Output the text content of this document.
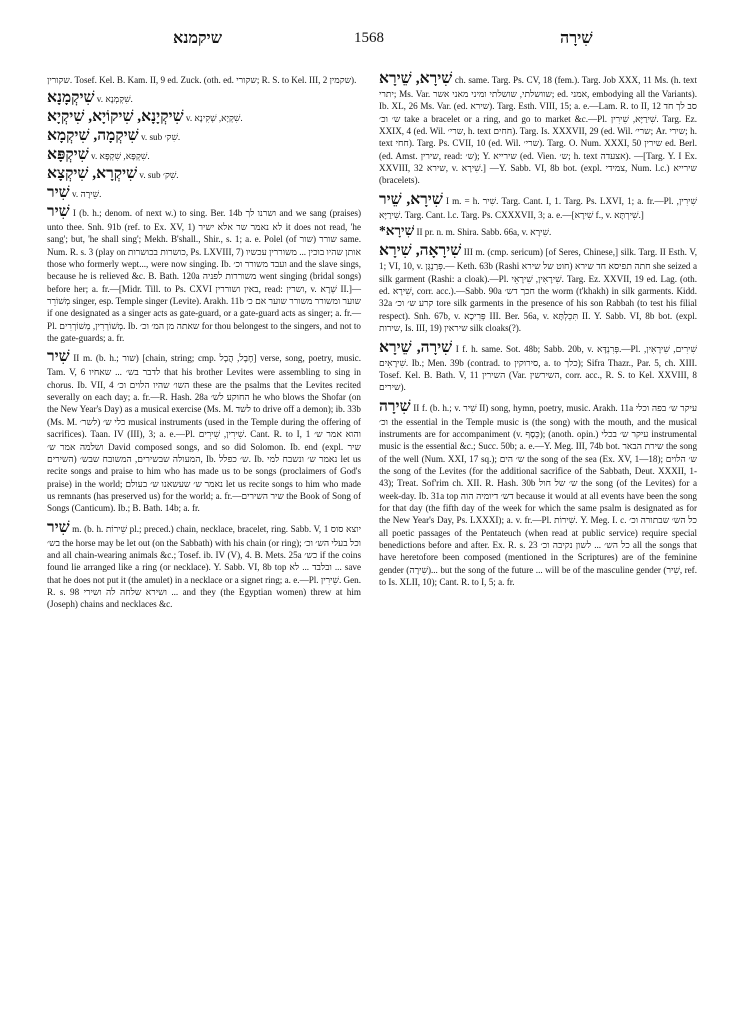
שיקמנא	1568	שִׁירָה

שקורין. Tosef. Kel. B. Kam. II, 9 ed. Zuck. (oth. ed. שקורי; R. S. to Kel. III, 2 שקמין).

שִׁיקְמָנָא v. שִׁקְמְנָא.

שִׁיקְיָנָא, שִׁיקוֹיָא, שִׁיקְיָא v. שִׁקְיָא, שְׁקִינָא.

שִׁיקְמָה, שִׁיקְמָא v. sub שִׁק׳.

שִׁיקְפָּא v. שִׁקְפָּא, שִׁקְפָּא.

שִׁיקְרָא, שִׁיקְצָא v. sub שִׁק׳.

שִׁיר v. שֵׁירָה.

שִׁיר I (b. h.; denom. of next w.) to sing. Ber. 14b ושרנו לך and we sang (praises) unto thee. Snh. 91b (ref. to Ex. XV, 1) לא נאמר שר אלא ישיר it does not read, 'he sang'; but, 'he shall sing'; Mekh. B'shall., Shir., s. 1; a. e. Polel (of שור) שורר same. Num. R. s. 3 (play on כושרות בכושרות, Ps. LXVIII, 7) אותן שהיו בוכין ... משוררין עכשיו those who formerly wept..., were now singing. Ib. ועבד משורר וכ׳ and the slave sings, because he is relieved &c. B. Bath. 120a משוררות לפניה went singing (bridal songs) before her; a. fr.—[Midr. Till. to Ps. CXVI באין ושוררין, read: ושרין, v. שְׁרָא II.]—מְשׁוֹרֵר singer, esp. Temple singer (Levite). Arakh. 11b שוער ומשורר משורר שוער אם כ׳ if one designated as a singer acts as gate-guard, or a gate-guard acts as singer; a. fr.—Pl. מְשׁוֹרְרִין, מְשׁוֹרְרִים. Ib. שאתה מן המ׳ וכ׳ for thou belongest to the singers, and not to the gate-guards; a. fr.

שִׁיר II m. (b. h.; שור) [chain, string; cmp. חֶבֶל, הֲבָל] verse, song, poetry, music. Tam. V, 6 לדבר בש׳ ... שאחיו that his brother Levites were assembling to sing in chorus. Ib. VII, 4 השו׳ שהיו הלוים וכ׳ these are the psalms that the Levites recited severally on each day; a. fr.—R. Hash. 28a החוקע לש׳ he who blows the Shofar (on the New Year's Day) as a musical exercise (Ms. M. לשד to drive off a demon); ib. 33b (Ms. M. לשר׳) כלי ש׳ musical instruments (used in the Temple during the offering of sacrifices). Taan. IV (III), 3; a. e.—Pl. שִׁירִין, שִׁירִים. Cant. R. to I, 1 והוא אמר ש׳ ושלמה אמר ש׳ David composed songs, and so did Solomon. Ib. end (expl. שיר השירים) המעולה שבשירים, המשובח שבש׳, Ib. ש׳ כפלל. Ib. נאמר ש׳ ונשבח למי let us recite songs and praise to him who has made us to be songs (proclaimers of God's praise) in the world; נאמר ש׳ שעשאנו ש׳ בעולם let us recite songs to him who made us remnants (has preserved us) for the world; a. fr.—שיר השירים the Book of Song of Songs (Canticum). Ib.; B. Bath. 14b; a. fr.

שִׁיר m. (b. h. שֵׁירוֹת pl.; preced.) chain, necklace, bracelet, ring. Sabb. V, 1 יוצא סוס בש׳ the horse may be let out (on the Sabbath) with his chain (or ring); וכל בעלי הש׳ וכ׳ and all chain-wearing animals &c.; Tosef. ib. IV (V), 4. B. Mets. 25a כש׳ if the coins found lie arranged like a ring (or necklace). Y. Sabb. VI, 8b top ובלבד ... לא ... save that he does not put it (the amulet) in a necklace or a signet ring; a. e.—Pl. שֵׁירִין. Gen. R. s. 98 ושירא שלחה לה ושירי ... and they (the Egyptian women) threw at him (Joseph) chains and necklaces &c.

שִׁירָא, שֵׁירָא ch. same. Targ. Ps. CV, 18 (fem.). Targ. Job XXX, 11 Ms. (h. text יתרי; Ms. Var. שוושלתי, שושלתי ומיני מאני אשר; ed. אמני, embodying all the Variants). Ib. XL, 26 Ms. Var. (ed. שירא). Targ. Esth. VIII, 15; a. e.—Lam. R. to II, 12 סב לך חד ש׳ וכ׳ take a bracelet or a ring, and go to market &c.—Pl. שִׁירַיָּא, שִׁירִין. Targ. Ez. XXIX, 4 (ed. Wil. שרי׳, h. text חחים). Targ. Is. XXXVII, 29 (ed. Wil. שרי׳; Ar. שירי; h. text חחי). Targ. Ps. CVII, 10 (ed. Wil. שרי׳). Targ. O. Num. XXXI, 50 שירין ed. Berl. (ed. Amst. שירין, read: ש׳); Y. שירייא (ed. Vien. ש׳; h. text אצעדה). —[Targ. Y. I Ex. XXVIII, 32 שירא, v. שִׁירָא.] —Y. Sabb. VI, 8b bot. (expl. צמידי, Num. l.c.) שירייא (bracelets).

שִׁירָא, שֵׁיר I m. = h. שִׁיר. Targ. Cant. I, 1. Targ. Ps. LXVI, 1; a. fr.—Pl. שִׁירִין, שִׁירַיָּא. Targ. Cant. l.c. Targ. Ps. CXXXVII, 3; a. e.—[שִׁירָא f., v. שִׁירְתָּא.]

*שִׁירָא II pr. n. m. Shira. Sabb. 66a, v. שִׁירָא.

שִׁירָאָה, שִׁירָא III m. (cmp. sericum) [of Seres, Chinese,] silk. Targ. II Esth. V, 1; VI, 10, v. פְּרַנְגָּן.— Keth. 63b (Rashi חוט של שירא) חתה תפיסא חד שירא she seized a silk garment (Rashi: a cloak).—Pl. שִׁירָאִין, שִׁירָאֵי. Targ. Ez. XXVII, 19 ed. Lag. (oth. ed. שִׁירָא, corr. acc.).—Sabb. 90a חכך דש׳ the worm (t'khakh) in silk garments. Kidd. 32a קרע ש׳ וכ׳ tore silk garments in the presence of his son Rabbah (to test his filial respect). Snh. 67b, v. פְּרִיכָא III. Ber. 56a, v. תִּכְלְתָּא II. Y. Sabb. VI, 8b bot. (expl. שירות, Is. III, 19) שיראין silk cloaks(?).

שִׁירָה, שֵׁירָא I f. h. same. Sot. 48b; Sabb. 20b, v. פְּרִנְדָּא.—Pl. שִׁירִים, שִׁירָאִין, שִׁירָאִים. Ib.; Men. 39b (contrad. to סירוקין, a. to כלך); Sifra Thazr., Par. 5, ch. XIII. Tosef. Kel. B. Bath. V, 11 השירין (Var. השירשין, corr. acc., R. S. to Kel. XXVIII, 8 שירים).

שִׁירָה II f. (b. h.; v. שִׁיר II) song, hymn, poetry, music. Arakh. 11a עיקר ש׳ בפה וכלי וכ׳ the essential in the Temple music is (the song) with the mouth, and the musical instruments are for accompaniment (v. כְּסָף); (anoth. opin.) עיקר ש׳ בכלי instrumental music is the essential &c.; Succ. 50b; a. e.—Y. Meg. III, 74b bot. שירת הבאר the song of the well (Num. XXI, 17 sq.); ש׳ הים the song of the sea (Ex. XV, 1—18); ש׳ הלוים the song of the Levites (for the additional sacrifice of the Sabbath, Deut. XXXII, 1-43); Treat. Sof'rim ch. XII. R. Hash. 30b ש׳ של חול the song (of the Levites) for a week-day. Ib. 31a top דש׳ דיומיה הוה because it would at all events have been the song for that day (the fifth day of the week for which the same psalm is designated as for the New Year's Day, Ps. LXXXI); a. v. fr.—Pl. שִׁירוֹת. Y. Meg. I. c. כל הש׳ שבתורה וכ׳ all poetic passages of the Pentateuch (when read at public service) require special benedictions before and after. Ex. R. s. 23 כל הש׳ ... לשון נקיבה וכ׳ all the songs that have heretofore been composed (mentioned in the Scriptures) are of the feminine gender (שִׁירָה)... but the song of the future ... will be of the masculine gender (שִׁיר, ref. to Is. XLII, 10); Cant. R. to I, 5; a. fr.
